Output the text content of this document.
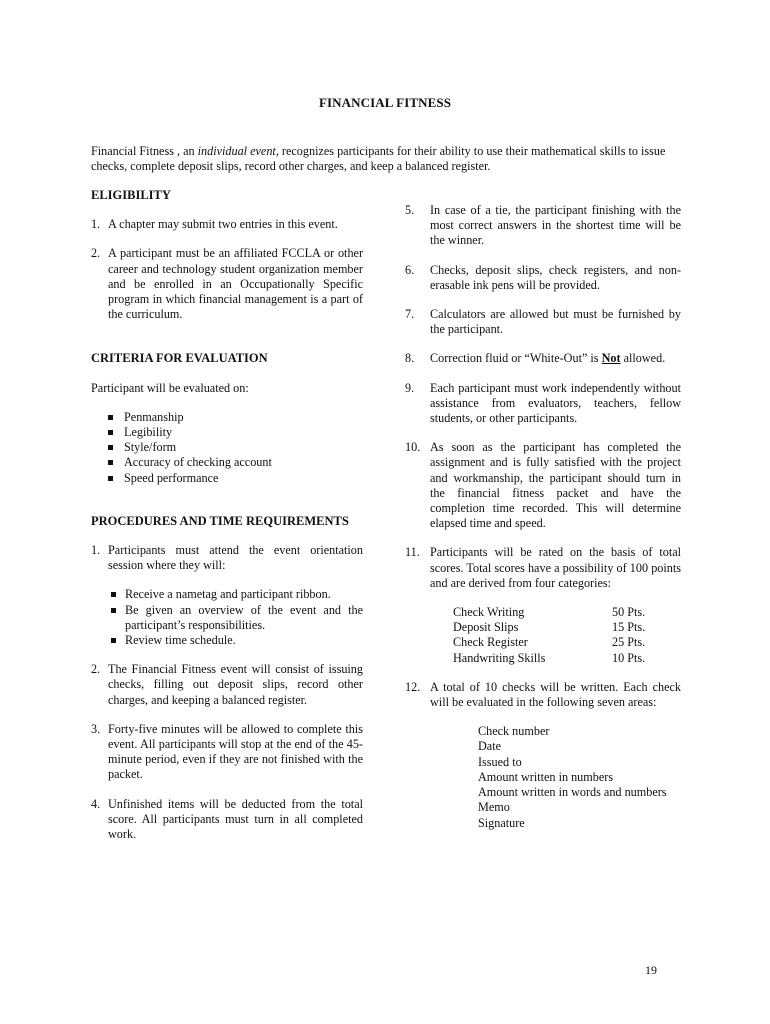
FINANCIAL FITNESS

Financial Fitness , an individual event, recognizes participants for their ability to use their mathematical skills to issue checks, complete deposit slips, record other charges, and keep a balanced register.

ELIGIBILITY
1. A chapter may submit two entries in this event.
2. A participant must be an affiliated FCCLA or other career and technology student organization member and be enrolled in an Occupationally Specific program in which financial management is a part of the curriculum.
CRITERIA FOR EVALUATION

Participant will be evaluated on:

Penmanship
Legibility
Style/form
Accuracy of checking account
Speed performance
PROCEDURES AND TIME REQUIREMENTS
1. Participants must attend the event orientation session where they will:
Receive a nametag and participant ribbon.
Be given an overview of the event and the participant’s responsibilities.
Review time schedule.
2. The Financial Fitness event will consist of issuing checks, filling out deposit slips, record other charges, and keeping a balanced register.
3. Forty-five minutes will be allowed to complete this event. All participants will stop at the end of the 45-minute period, even if they are not finished with the packet.
4. Unfinished items will be deducted from the total score. All participants must turn in all completed work.
5. In case of a tie, the participant finishing with the most correct answers in the shortest time will be the winner.
6. Checks, deposit slips, check registers, and non-erasable ink pens will be provided.
7. Calculators are allowed but must be furnished by the participant.
8. Correction fluid or “White-Out” is Not allowed.
9. Each participant must work independently without assistance from evaluators, teachers, fellow students, or other participants.
10. As soon as the participant has completed the assignment and is fully satisfied with the project and workmanship, the participant should turn in the financial fitness packet and have the completion time recorded. This will determine elapsed time and speed.
11. Participants will be rated on the basis of total scores. Total scores have a possibility of 100 points and are derived from four categories:
Check Writing	50 Pts.
Deposit Slips	15 Pts.
Check Register	25 Pts.
Handwriting Skills	10 Pts.
12. A total of 10 checks will be written. Each check will be evaluated in the following seven areas:
Check number
Date
Issued to
Amount written in numbers
Amount written in words and numbers
Memo
Signature
19
